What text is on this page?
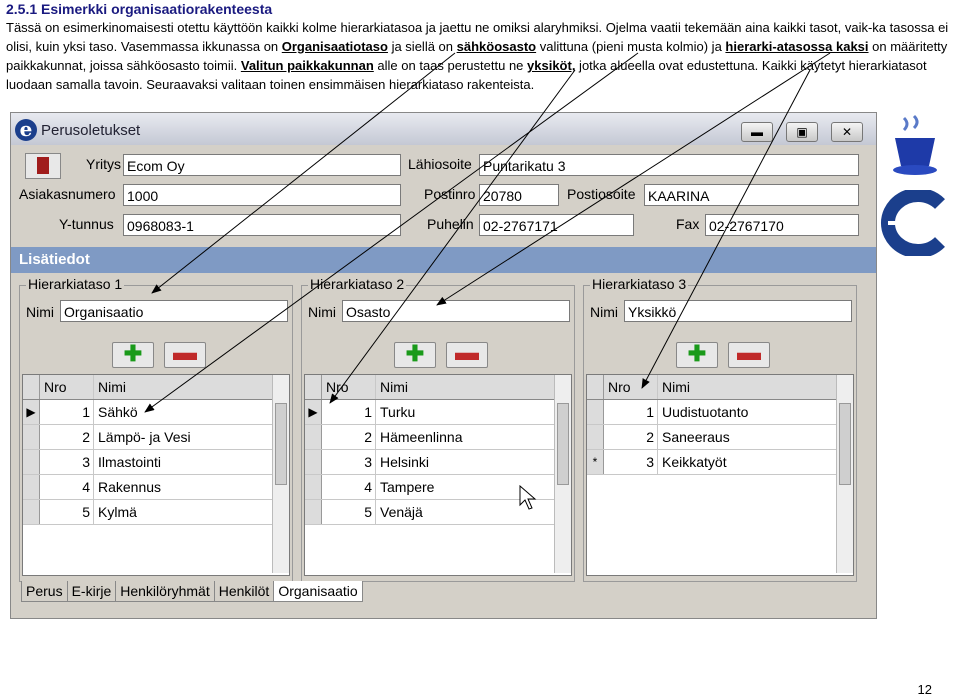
2.5.1 Esimerkki organisaatiorakenteesta
Tässä on esimerkinomaisesti otettu käyttöön kaikki kolme hierarkiatasoa ja jaettu ne omiksi alaryhmiksi. Ojelma vaatii tekemään aina kaikki tasot, vaik-ka tasossa ei olisi, kuin yksi taso. Vasemmassa ikkunassa on Organisaatiotaso ja siellä on sähköosasto valittuna (pieni musta kolmio) ja hierarki-atasossa kaksi on määritetty paikkakunnat, joissa sähköosasto toimii. Valitun paikkakunnan alle on taas perustettu ne yksiköt, jotka alueella ovat edustettuna. Kaikki käytetyt hierarkiatasot luodaan samalla tavoin. Seuraavaksi valitaan toinen ensimmäisen hierarkiataso rakenteista.
e Perusoletukset	▬	▣	✕
Yritys Ecom Oy
Asiakasnumero 1000
Y-tunnus 0968083-1
Lähiosoite Puntarikatu 3
Postinro 20780	Postiosoite KAARINA
Puhelin 02-2767171	Fax 02-2767170
Lisätiedot
Hierarkiataso 1
Nimi Organisaatio
✚	▬
Nro	Nimi
▶	1 Sähkö
2 Lämpö- ja Vesi
3 Ilmastointi
4 Rakennus
5 Kylmä
Hierarkiataso 2
Nimi Osasto
✚	▬
Nro	Nimi
▶	1 Turku
2 Hämeenlinna
3 Helsinki
4 Tampere
5 Venäjä
Hierarkiataso 3
Nimi Yksikkö
✚	▬
Nro	Nimi
1 Uudistuotanto
2 Saneeraus
*	3 Keikkatyöt
Perus E-kirje Henkilöryhmät Henkilöt Organisaatio
12
